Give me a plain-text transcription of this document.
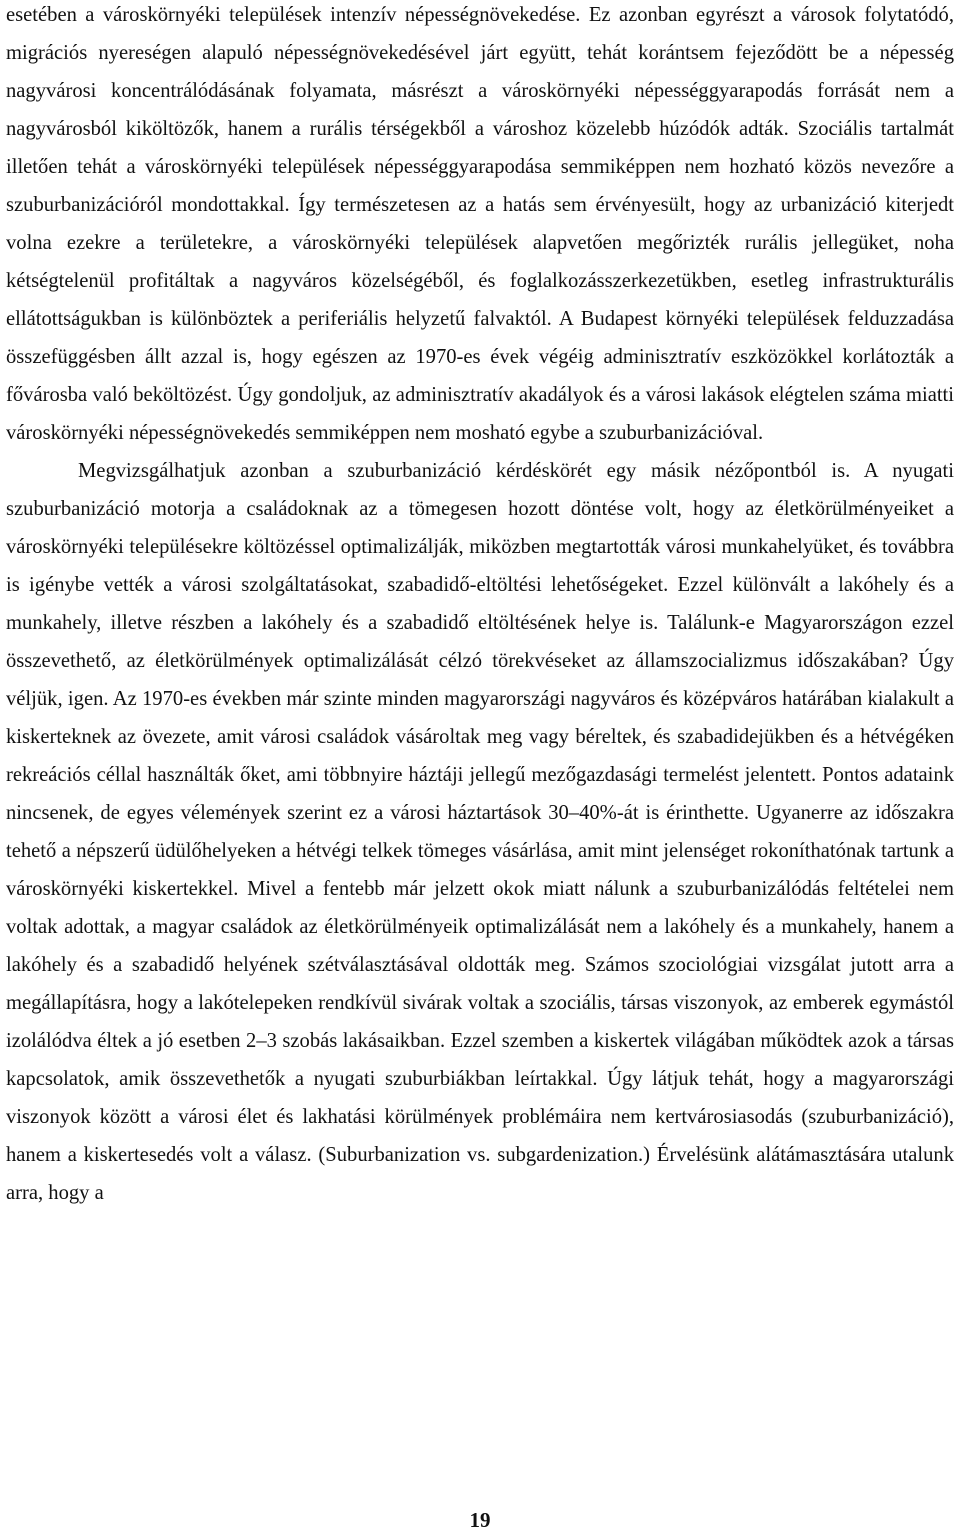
esetében a városkörnyéki települések intenzív népességnövekedése. Ez azonban egyrészt a városok folytatódó, migrációs nyereségen alapuló népességnövekedésével járt együtt, tehát korántsem fejeződött be a népesség nagyvárosi koncentrálódásának folyamata, másrészt a városkörnyéki népességgyarapodás forrását nem a nagyvárosból kiköltözők, hanem a rurális térségekből a városhoz közelebb húzódók adták. Szociális tartalmát illetően tehát a városkörnyéki települések népességgyarapodása semmiképpen nem hozható közös nevezőre a szuburbanizációról mondottakkal. Így természetesen az a hatás sem érvényesült, hogy az urbanizáció kiterjedt volna ezekre a területekre, a városkörnyéki települések alapvetően megőrizték rurális jellegüket, noha kétségtelenül profitáltak a nagyváros közelségéből, és foglalkozásszerkezetükben, esetleg infrastrukturális ellátottságukban is különböztek a periferiális helyzetű falvaktól. A Budapest környéki települések felduzzadása összefüggésben állt azzal is, hogy egészen az 1970-es évek végéig adminisztratív eszközökkel korlátozták a fővárosba való beköltözést. Úgy gondoljuk, az adminisztratív akadályok és a városi lakások elégtelen száma miatti városkörnyéki népességnövekedés semmiképpen nem mosható egybe a szuburbanizációval.

Megvizsgálhatjuk azonban a szuburbanizáció kérdéskörét egy másik nézőpontból is. A nyugati szuburbanizáció motorja a családoknak az a tömegesen hozott döntése volt, hogy az életkörülményeiket a városkörnyéki településekre költözéssel optimalizálják, miközben megtartották városi munkahelyüket, és továbbra is igénybe vették a városi szolgáltatásokat, szabadidő-eltöltési lehetőségeket. Ezzel különvált a lakóhely és a munkahely, illetve részben a lakóhely és a szabadidő eltöltésének helye is. Találunk-e Magyarországon ezzel összevethető, az életkörülmények optimalizálását célzó törekvéseket az államszocializmus időszakában? Úgy véljük, igen. Az 1970-es években már szinte minden magyarországi nagyváros és középváros határában kialakult a kiskerteknek az övezete, amit városi családok vásároltak meg vagy béreltek, és szabadidejükben és a hétvégéken rekreációs céllal használták őket, ami többnyire háztáji jellegű mezőgazdasági termelést jelentett. Pontos adataink nincsenek, de egyes vélemények szerint ez a városi háztartások 30–40%-át is érinthette. Ugyanerre az időszakra tehető a népszerű üdülőhelyeken a hétvégi telkek tömeges vásárlása, amit mint jelenséget rokoníthatónak tartunk a városkörnyéki kiskertekkel. Mivel a fentebb már jelzett okok miatt nálunk a szuburbanizálódás feltételei nem voltak adottak, a magyar családok az életkörülményeik optimalizálását nem a lakóhely és a munkahely, hanem a lakóhely és a szabadidő helyének szétválasztásával oldották meg. Számos szociológiai vizsgálat jutott arra a megállapításra, hogy a lakótelepeken rendkívül sivárak voltak a szociális, társas viszonyok, az emberek egymástól izolálódva éltek a jó esetben 2–3 szobás lakásaikban. Ezzel szemben a kiskertek világában működtek azok a társas kapcsolatok, amik összevethetők a nyugati szuburbiákban leírtakkal. Úgy látjuk tehát, hogy a magyarországi viszonyok között a városi élet és lakhatási körülmények problémáira nem kertvárosiasodás (szuburbanizáció), hanem a kiskertesedés volt a válasz. (Suburbanization vs. subgardenization.) Érvelésünk alátámasztására utalunk arra, hogy a

19
